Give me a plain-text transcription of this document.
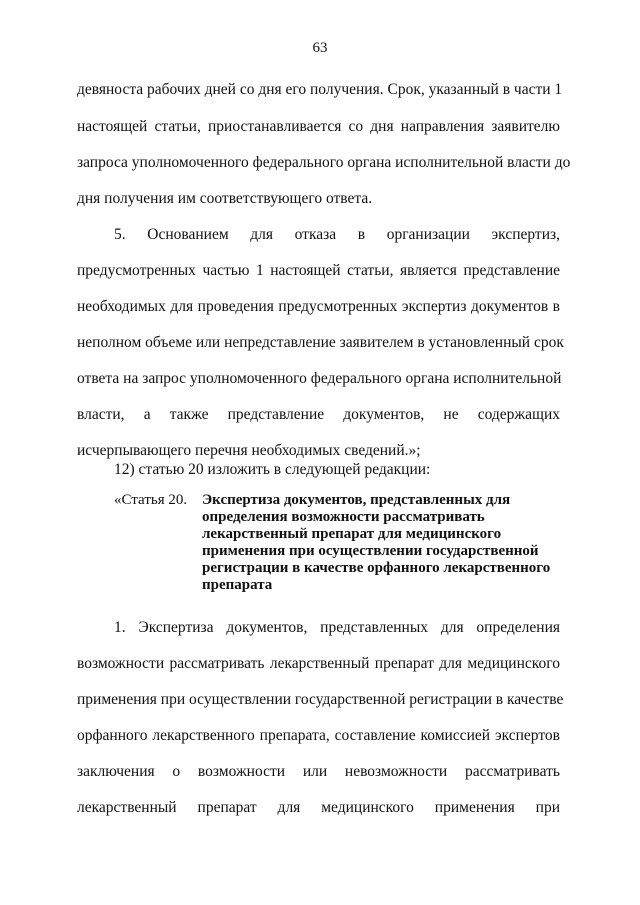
63
девяноста рабочих дней со дня его получения. Срок, указанный в части 1
настоящей статьи, приостанавливается со дня направления заявителю
запроса уполномоченного федерального органа исполнительной власти до
дня получения им соответствующего ответа.
5. Основанием для отказа в организации экспертиз,
предусмотренных частью 1 настоящей статьи, является представление
необходимых для проведения предусмотренных экспертиз документов в
неполном объеме или непредставление заявителем в установленный срок
ответа на запрос уполномоченного федерального органа исполнительной
власти, а также представление документов, не содержащих
исчерпывающего перечня необходимых сведений.»;
12) статью 20 изложить в следующей редакции:
«Статья 20. Экспертиза документов, представленных для определения возможности рассматривать лекарственный препарат для медицинского применения при осуществлении государственной регистрации в качестве орфанного лекарственного препарата
1. Экспертиза документов, представленных для определения
возможности рассматривать лекарственный препарат для медицинского
применения при осуществлении государственной регистрации в качестве
орфанного лекарственного препарата, составление комиссией экспертов
заключения о возможности или невозможности рассматривать
лекарственный препарат для медицинского применения при
